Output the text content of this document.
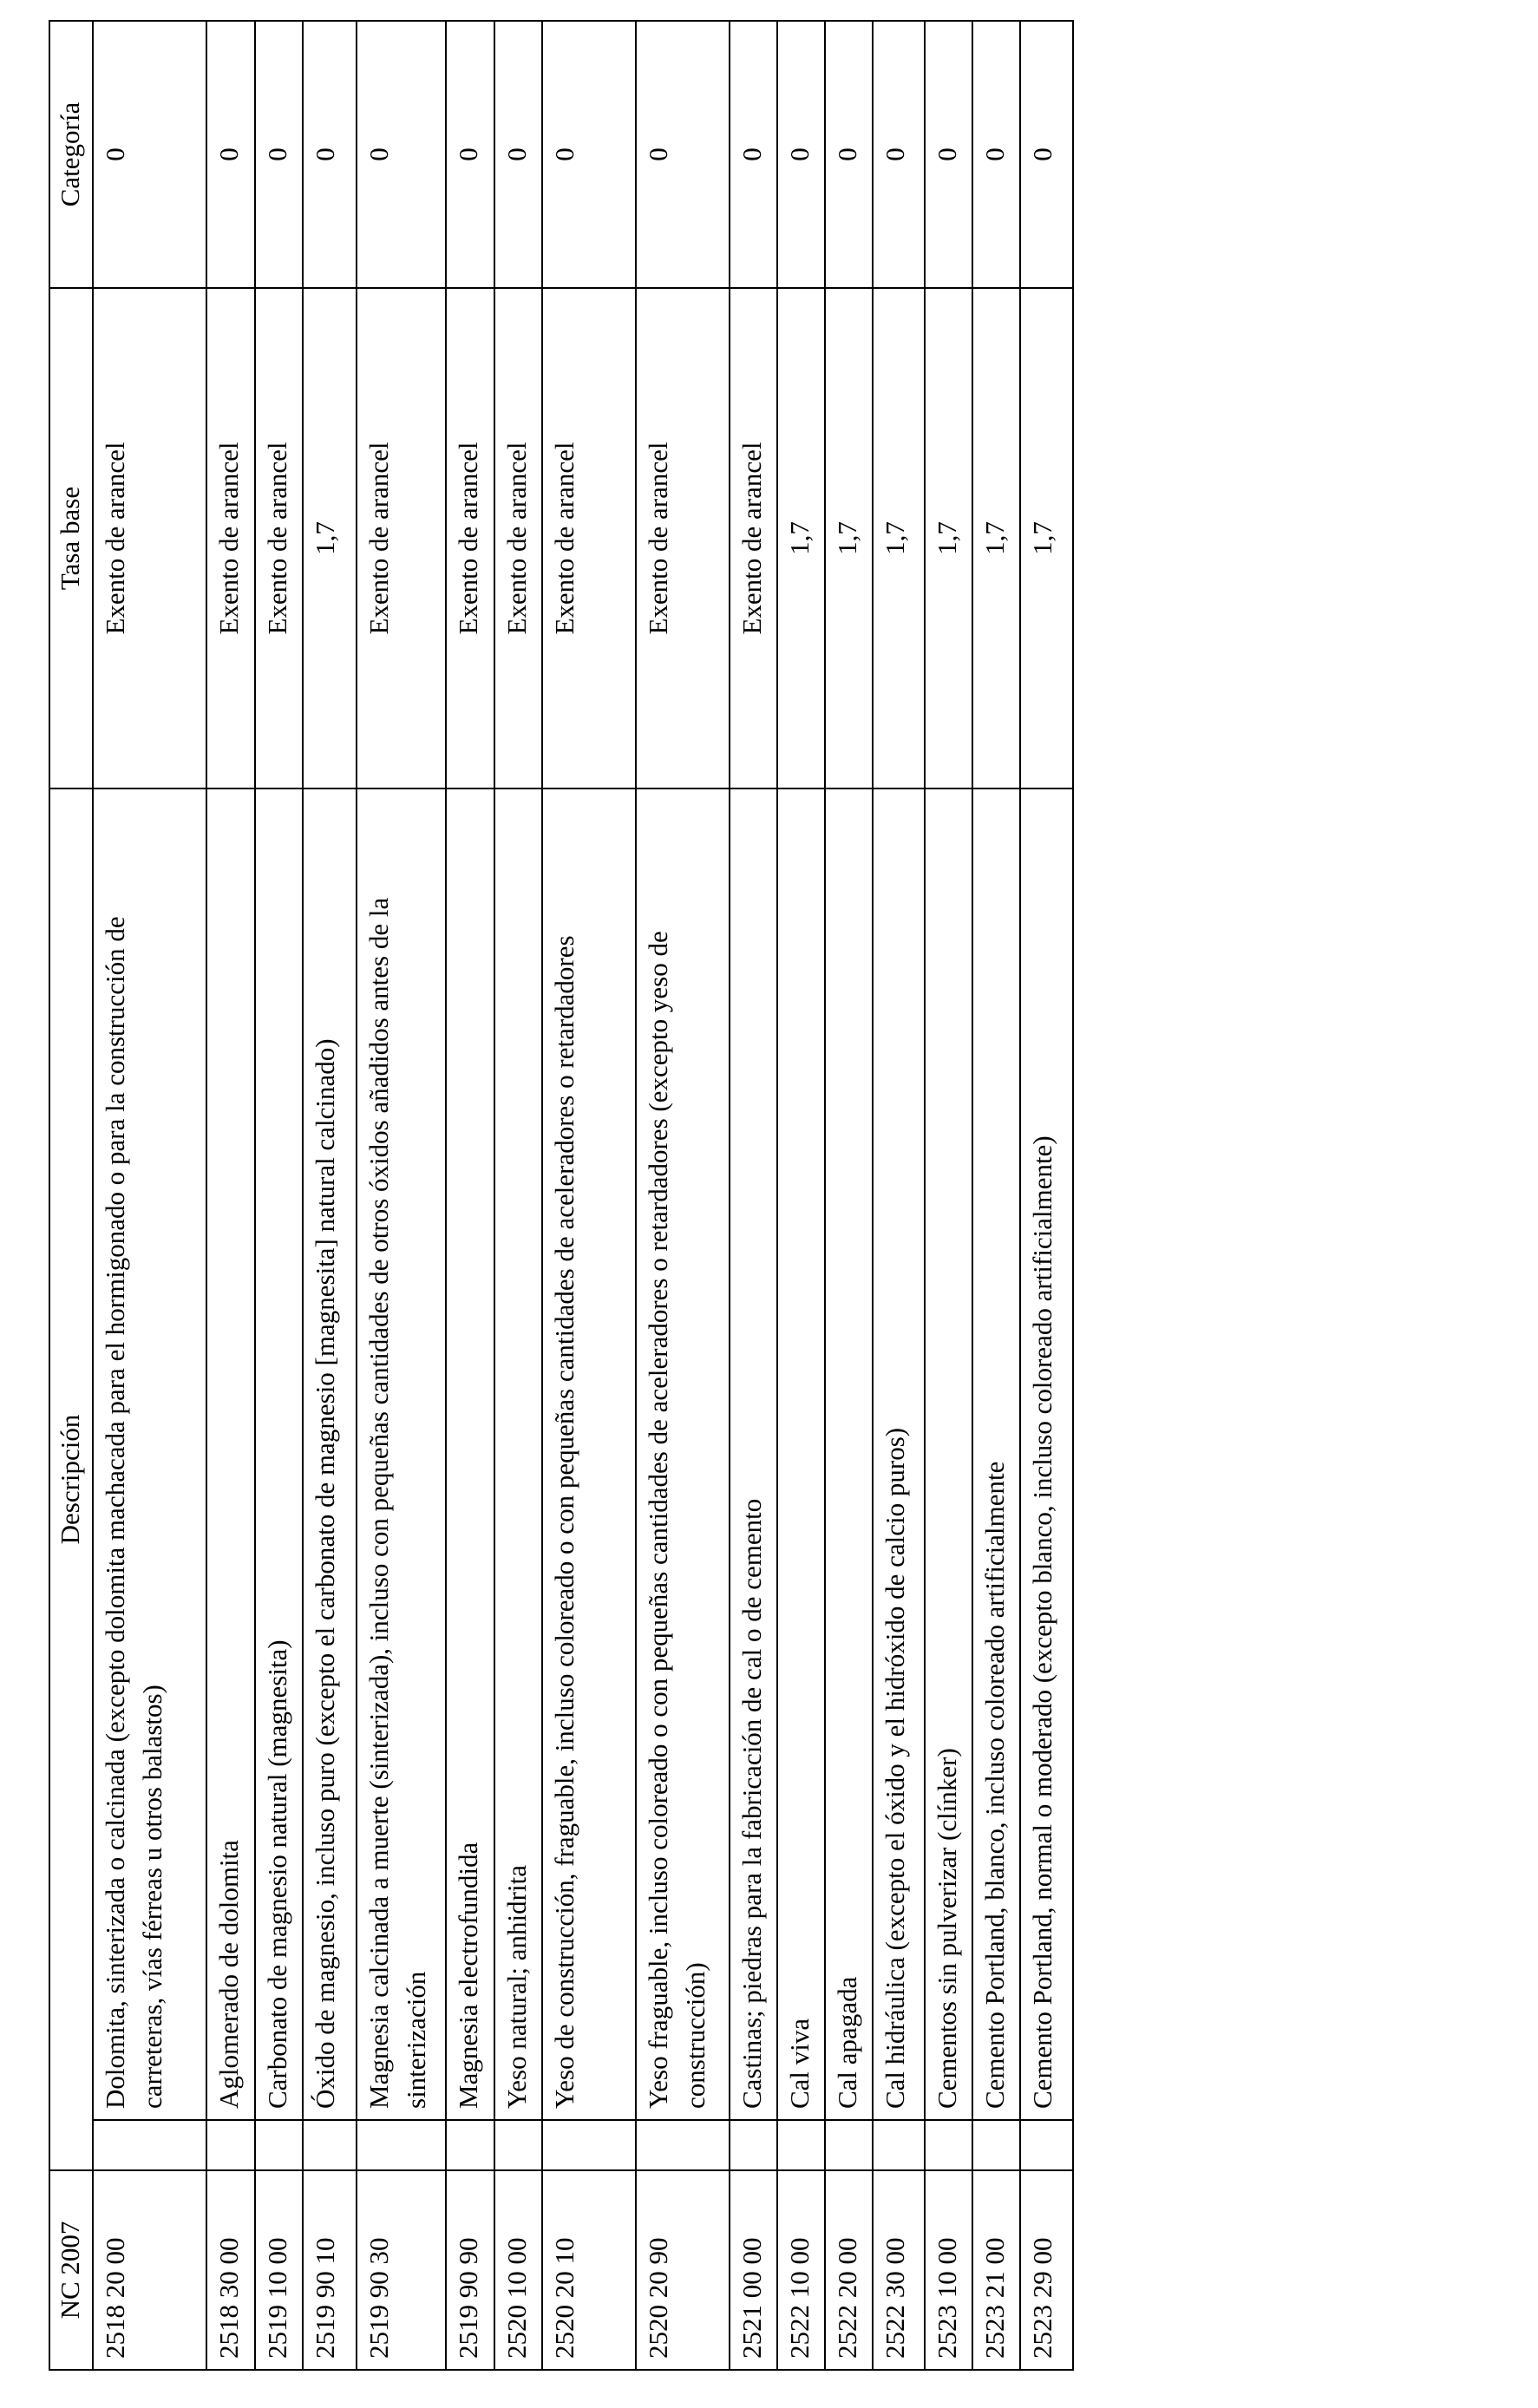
NC 2007	Descripción		Tasa base	Categoría
2518 20 00		Dolomita, sinterizada o calcinada (excepto dolomita machacada para el hormigonado o para la construcción de carreteras, vías férreas u otros balastos)	Exento de arancel	0
2518 30 00		Aglomerado de dolomita	Exento de arancel	0
2519 10 00		Carbonato de magnesio natural (magnesita)	Exento de arancel	0
2519 90 10		Óxido de magnesio, incluso puro (excepto el carbonato de magnesio [magnesita] natural calcinado)	1,7	0
2519 90 30		Magnesia calcinada a muerte (sinterizada), incluso con pequeñas cantidades de otros óxidos añadidos antes de la sinterización	Exento de arancel	0
2519 90 90		Magnesia electrofundida	Exento de arancel	0
2520 10 00		Yeso natural; anhidrita	Exento de arancel	0
2520 20 10		Yeso de construcción, fraguable, incluso coloreado o con pequeñas cantidades de aceleradores o retardadores	Exento de arancel	0
2520 20 90		Yeso fraguable, incluso coloreado o con pequeñas cantidades de aceleradores o retardadores (excepto yeso de construcción)	Exento de arancel	0
2521 00 00		Castinas; piedras para la fabricación de cal o de cemento	Exento de arancel	0
2522 10 00		Cal viva	1,7	0
2522 20 00		Cal apagada	1,7	0
2522 30 00		Cal hidráulica (excepto el óxido y el hidróxido de calcio puros)	1,7	0
2523 10 00		Cementos sin pulverizar (clínker)	1,7	0
2523 21 00		Cemento Portland, blanco, incluso coloreado artificialmente	1,7	0
2523 29 00		Cemento Portland, normal o moderado (excepto blanco, incluso coloreado artificialmente)	1,7	0
